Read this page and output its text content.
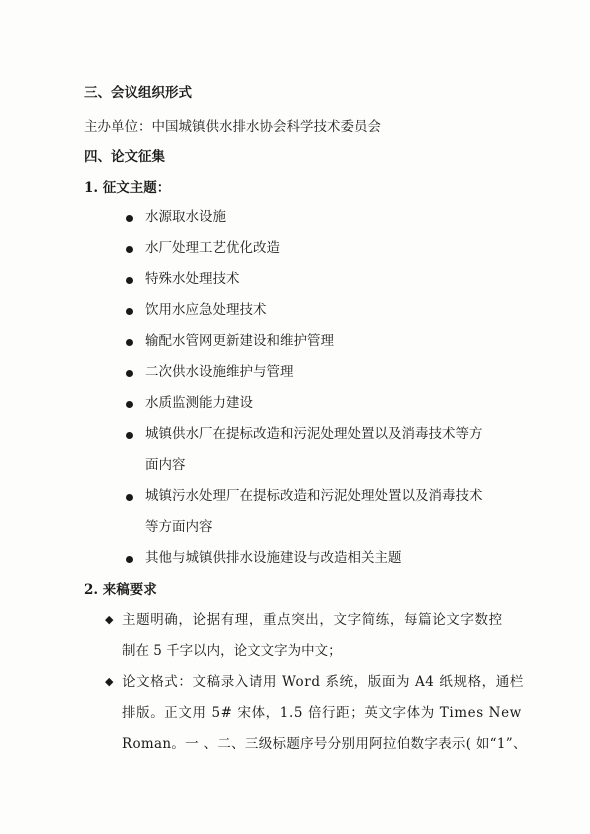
三、会议组织形式
主办单位：中国城镇供水排水协会科学技术委员会
四、论文征集
1. 征文主题：
水源取水设施
水厂处理工艺优化改造
特殊水处理技术
饮用水应急处理技术
输配水管网更新建设和维护管理
二次供水设施维护与管理
水质监测能力建设
城镇供水厂在提标改造和污泥处理处置以及消毒技术等方
面内容
城镇污水处理厂在提标改造和污泥处理处置以及消毒技术
等方面内容
其他与城镇供排水设施建设与改造相关主题
2. 来稿要求
◆ 主题明确，论据有理，重点突出，文字简练，每篇论文字数控
制在 5 千字以内，论文文字为中文；
◆ 论文格式：文稿录入请用 Word 系统，版面为 A4 纸规格，通栏
排版。正文用 5# 宋体，1.5 倍行距；英文字体为 Times New
Roman。一 、二、三级标题序号分别用阿拉伯数字表示( 如“1”、
